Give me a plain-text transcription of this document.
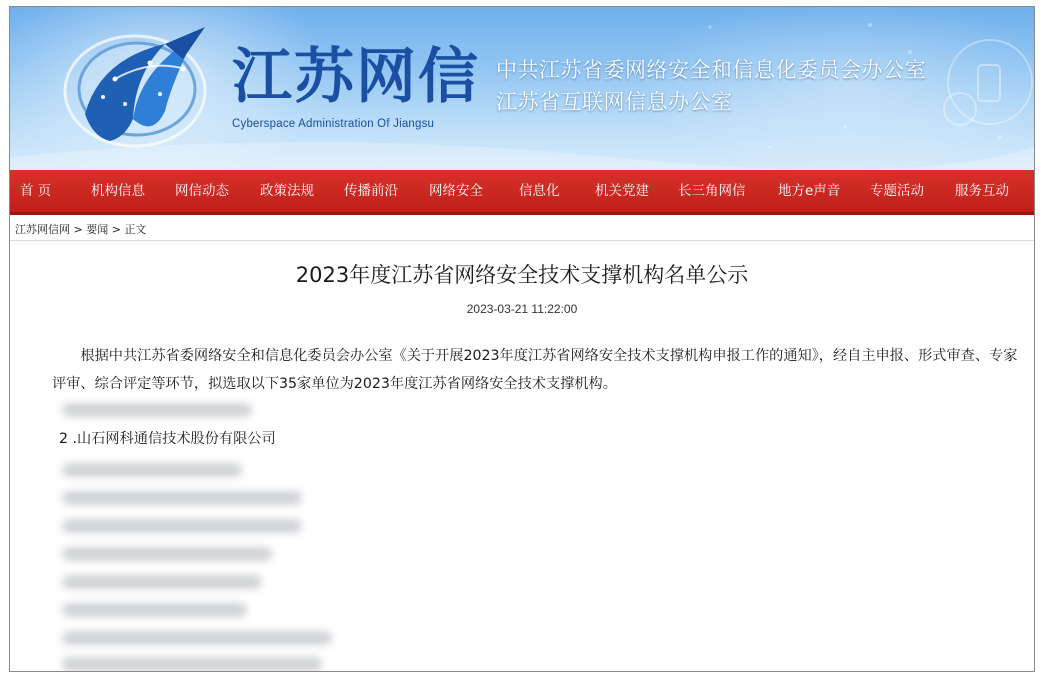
江苏网信
Cyberspace Administration Of Jiangsu
中共江苏省委网络安全和信息化委员会办公室
江苏省互联网信息办公室
首 页	机构信息 网信动态 政策法规 传播前沿 网络安全	信息化	机关党建 长三角网信 地方e声音 专题活动 服务互动
江苏网信网 > 要闻 > 正文
2023年度江苏省网络安全技术支撑机构名单公示
2023-03-21 11:22:00
根据中共江苏省委网络安全和信息化委员会办公室《关于开展2023年度江苏省网络安全技术支撑机构申报工作的通知》，经自主申报、形式审查、专家评审、综合评定等环节，拟选取以下35家单位为2023年度江苏省网络安全技术支撑机构。
2 .山石网科通信技术股份有限公司
